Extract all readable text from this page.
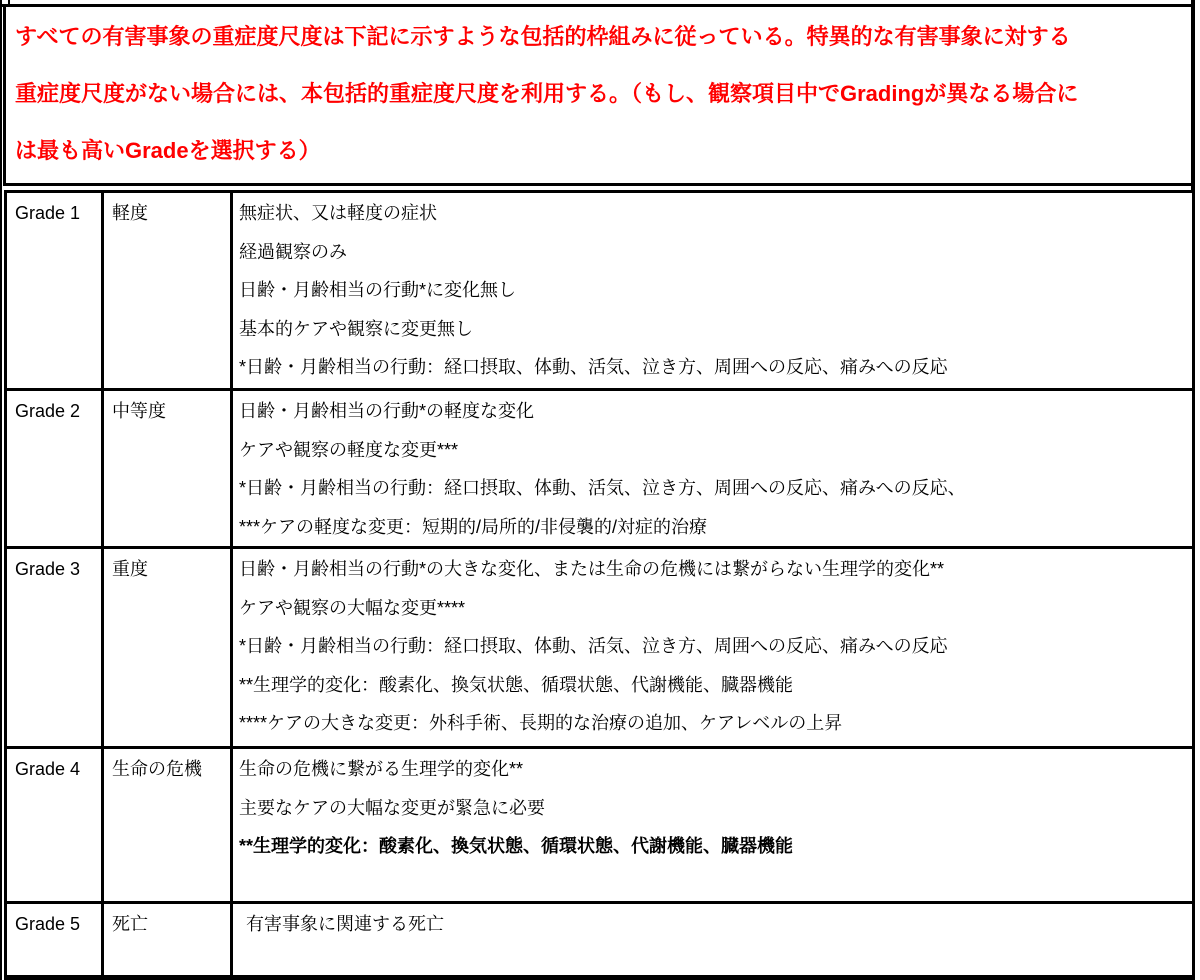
すべての有害事象の重症度尺度は下記に示すような包括的枠組みに従っている。特異的な有害事象に対する
重症度尺度がない場合には、本包括的重症度尺度を利用する。（もし、観察項目中でGradingが異なる場合に
は最も高いGradeを選択する）
Grade 1	軽度	無症状、又は軽度の症状
経過観察のみ
日齢・月齢相当の行動*に変化無し
基本的ケアや観察に変更無し
*日齢・月齢相当の行動：経口摂取、体動、活気、泣き方、周囲への反応、痛みへの反応
Grade 2	中等度	日齢・月齢相当の行動*の軽度な変化
ケアや観察の軽度な変更***
*日齢・月齢相当の行動：経口摂取、体動、活気、泣き方、周囲への反応、痛みへの反応、
***ケアの軽度な変更：短期的/局所的/非侵襲的/対症的治療
Grade 3	重度	日齢・月齢相当の行動*の大きな変化、または生命の危機には繋がらない生理学的変化**
ケアや観察の大幅な変更****
*日齢・月齢相当の行動：経口摂取、体動、活気、泣き方、周囲への反応、痛みへの反応
**生理学的変化：酸素化、換気状態、循環状態、代謝機能、臓器機能
****ケアの大きな変更：外科手術、長期的な治療の追加、ケアレベルの上昇
Grade 4	生命の危機	生命の危機に繋がる生理学的変化**
主要なケアの大幅な変更が緊急に必要
**生理学的変化：酸素化、換気状態、循環状態、代謝機能、臓器機能
Grade 5	死亡	有害事象に関連する死亡
